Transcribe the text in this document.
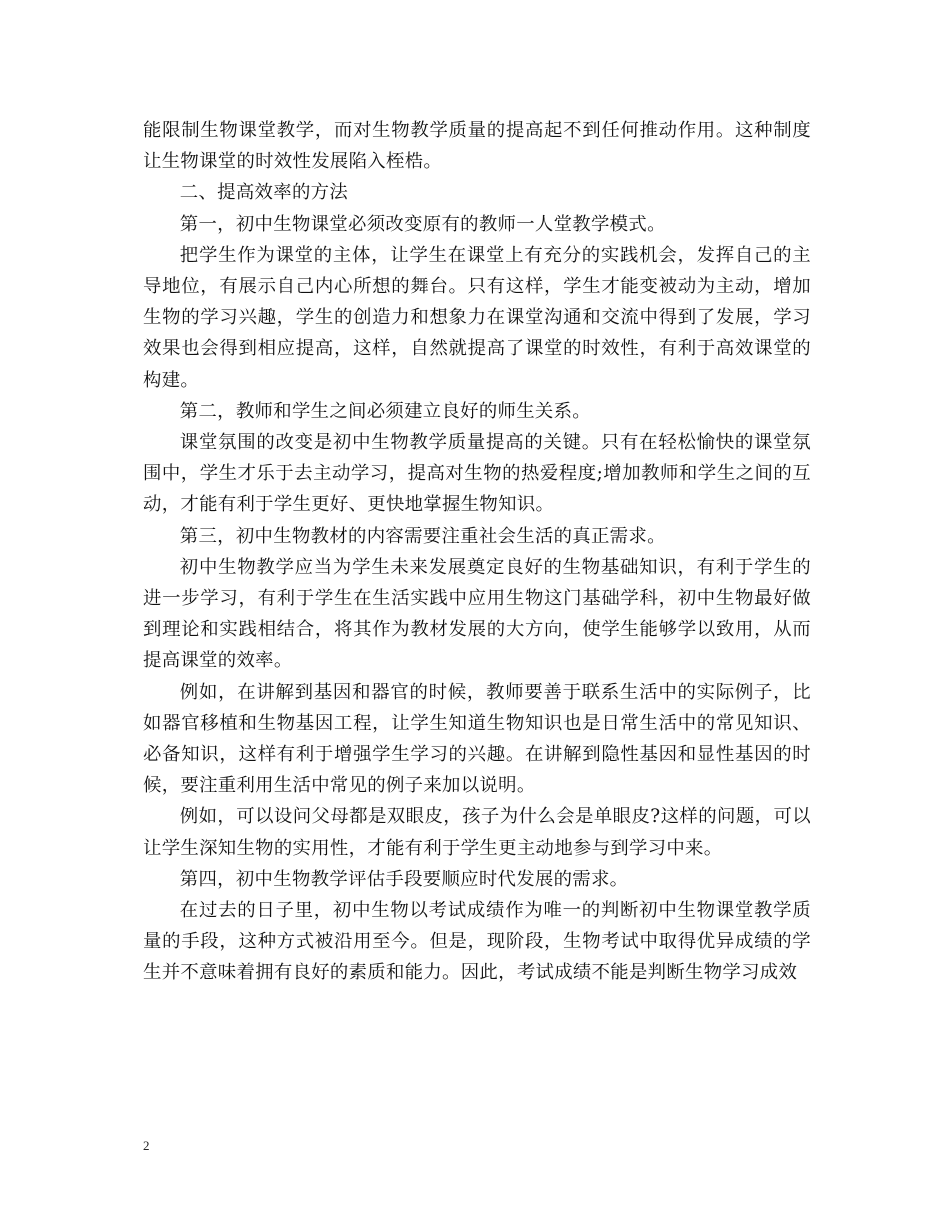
能限制生物课堂教学，而对生物教学质量的提高起不到任何推动作用。这种制度让生物课堂的时效性发展陷入桎梏。

二、提高效率的方法

第一，初中生物课堂必须改变原有的教师一人堂教学模式。

把学生作为课堂的主体，让学生在课堂上有充分的实践机会，发挥自己的主导地位，有展示自己内心所想的舞台。只有这样，学生才能变被动为主动，增加生物的学习兴趣，学生的创造力和想象力在课堂沟通和交流中得到了发展，学习效果也会得到相应提高，这样，自然就提高了课堂的时效性，有利于高效课堂的构建。

第二，教师和学生之间必须建立良好的师生关系。

课堂氛围的改变是初中生物教学质量提高的关键。只有在轻松愉快的课堂氛围中，学生才乐于去主动学习，提高对生物的热爱程度;增加教师和学生之间的互动，才能有利于学生更好、更快地掌握生物知识。

第三，初中生物教材的内容需要注重社会生活的真正需求。

初中生物教学应当为学生未来发展奠定良好的生物基础知识，有利于学生的进一步学习，有利于学生在生活实践中应用生物这门基础学科，初中生物最好做到理论和实践相结合，将其作为教材发展的大方向，使学生能够学以致用，从而提高课堂的效率。

例如，在讲解到基因和器官的时候，教师要善于联系生活中的实际例子，比如器官移植和生物基因工程，让学生知道生物知识也是日常生活中的常见知识、必备知识，这样有利于增强学生学习的兴趣。在讲解到隐性基因和显性基因的时候，要注重利用生活中常见的例子来加以说明。

例如，可以设问父母都是双眼皮，孩子为什么会是单眼皮?这样的问题，可以让学生深知生物的实用性，才能有利于学生更主动地参与到学习中来。

第四，初中生物教学评估手段要顺应时代发展的需求。

在过去的日子里，初中生物以考试成绩作为唯一的判断初中生物课堂教学质量的手段，这种方式被沿用至今。但是，现阶段，生物考试中取得优异成绩的学生并不意味着拥有良好的素质和能力。因此，考试成绩不能是判断生物学习成效

2
